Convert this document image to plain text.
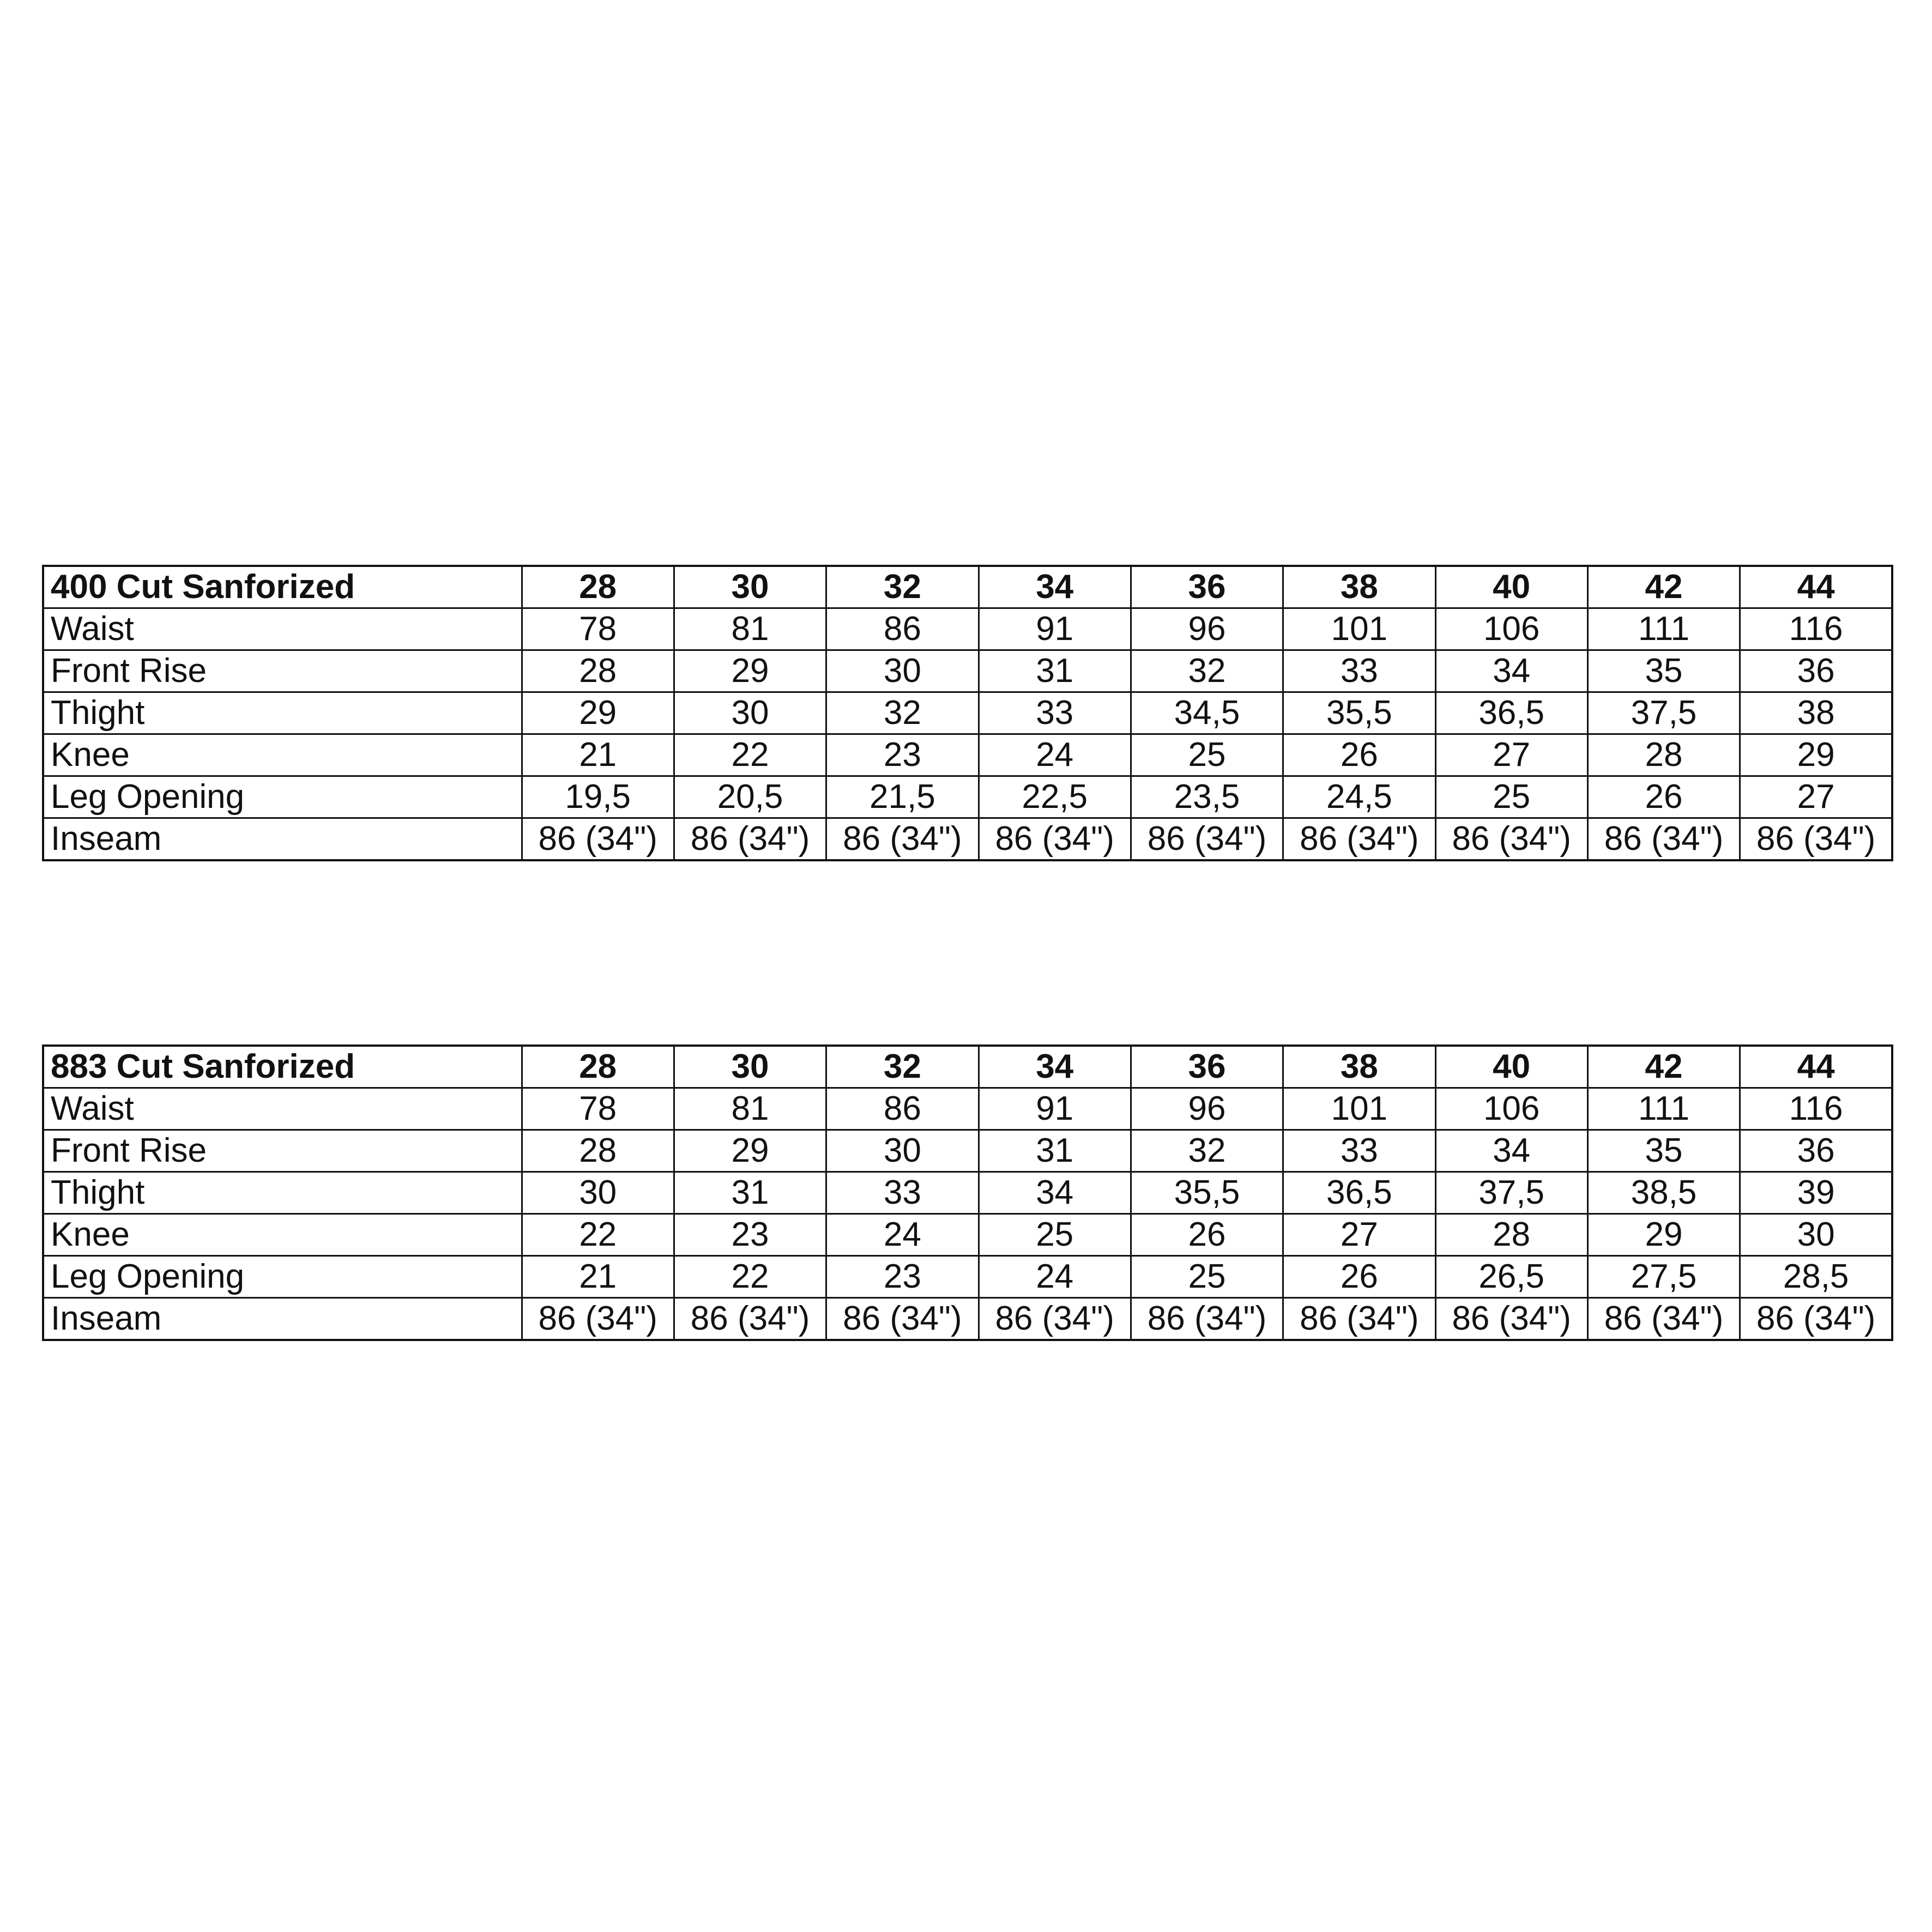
400 Cut Sanforized	28	30	32	34	36	38	40	42	44
Waist	78	81	86	91	96	101	106	111	116
Front Rise	28	29	30	31	32	33	34	35	36
Thight	29	30	32	33	34,5	35,5	36,5	37,5	38
Knee	21	22	23	24	25	26	27	28	29
Leg Opening	19,5	20,5	21,5	22,5	23,5	24,5	25	26	27
Inseam	86 (34")	86 (34")	86 (34")	86 (34")	86 (34")	86 (34")	86 (34")	86 (34")	86 (34")
883 Cut Sanforized	28	30	32	34	36	38	40	42	44
Waist	78	81	86	91	96	101	106	111	116
Front Rise	28	29	30	31	32	33	34	35	36
Thight	30	31	33	34	35,5	36,5	37,5	38,5	39
Knee	22	23	24	25	26	27	28	29	30
Leg Opening	21	22	23	24	25	26	26,5	27,5	28,5
Inseam	86 (34")	86 (34")	86 (34")	86 (34")	86 (34")	86 (34")	86 (34")	86 (34")	86 (34")
